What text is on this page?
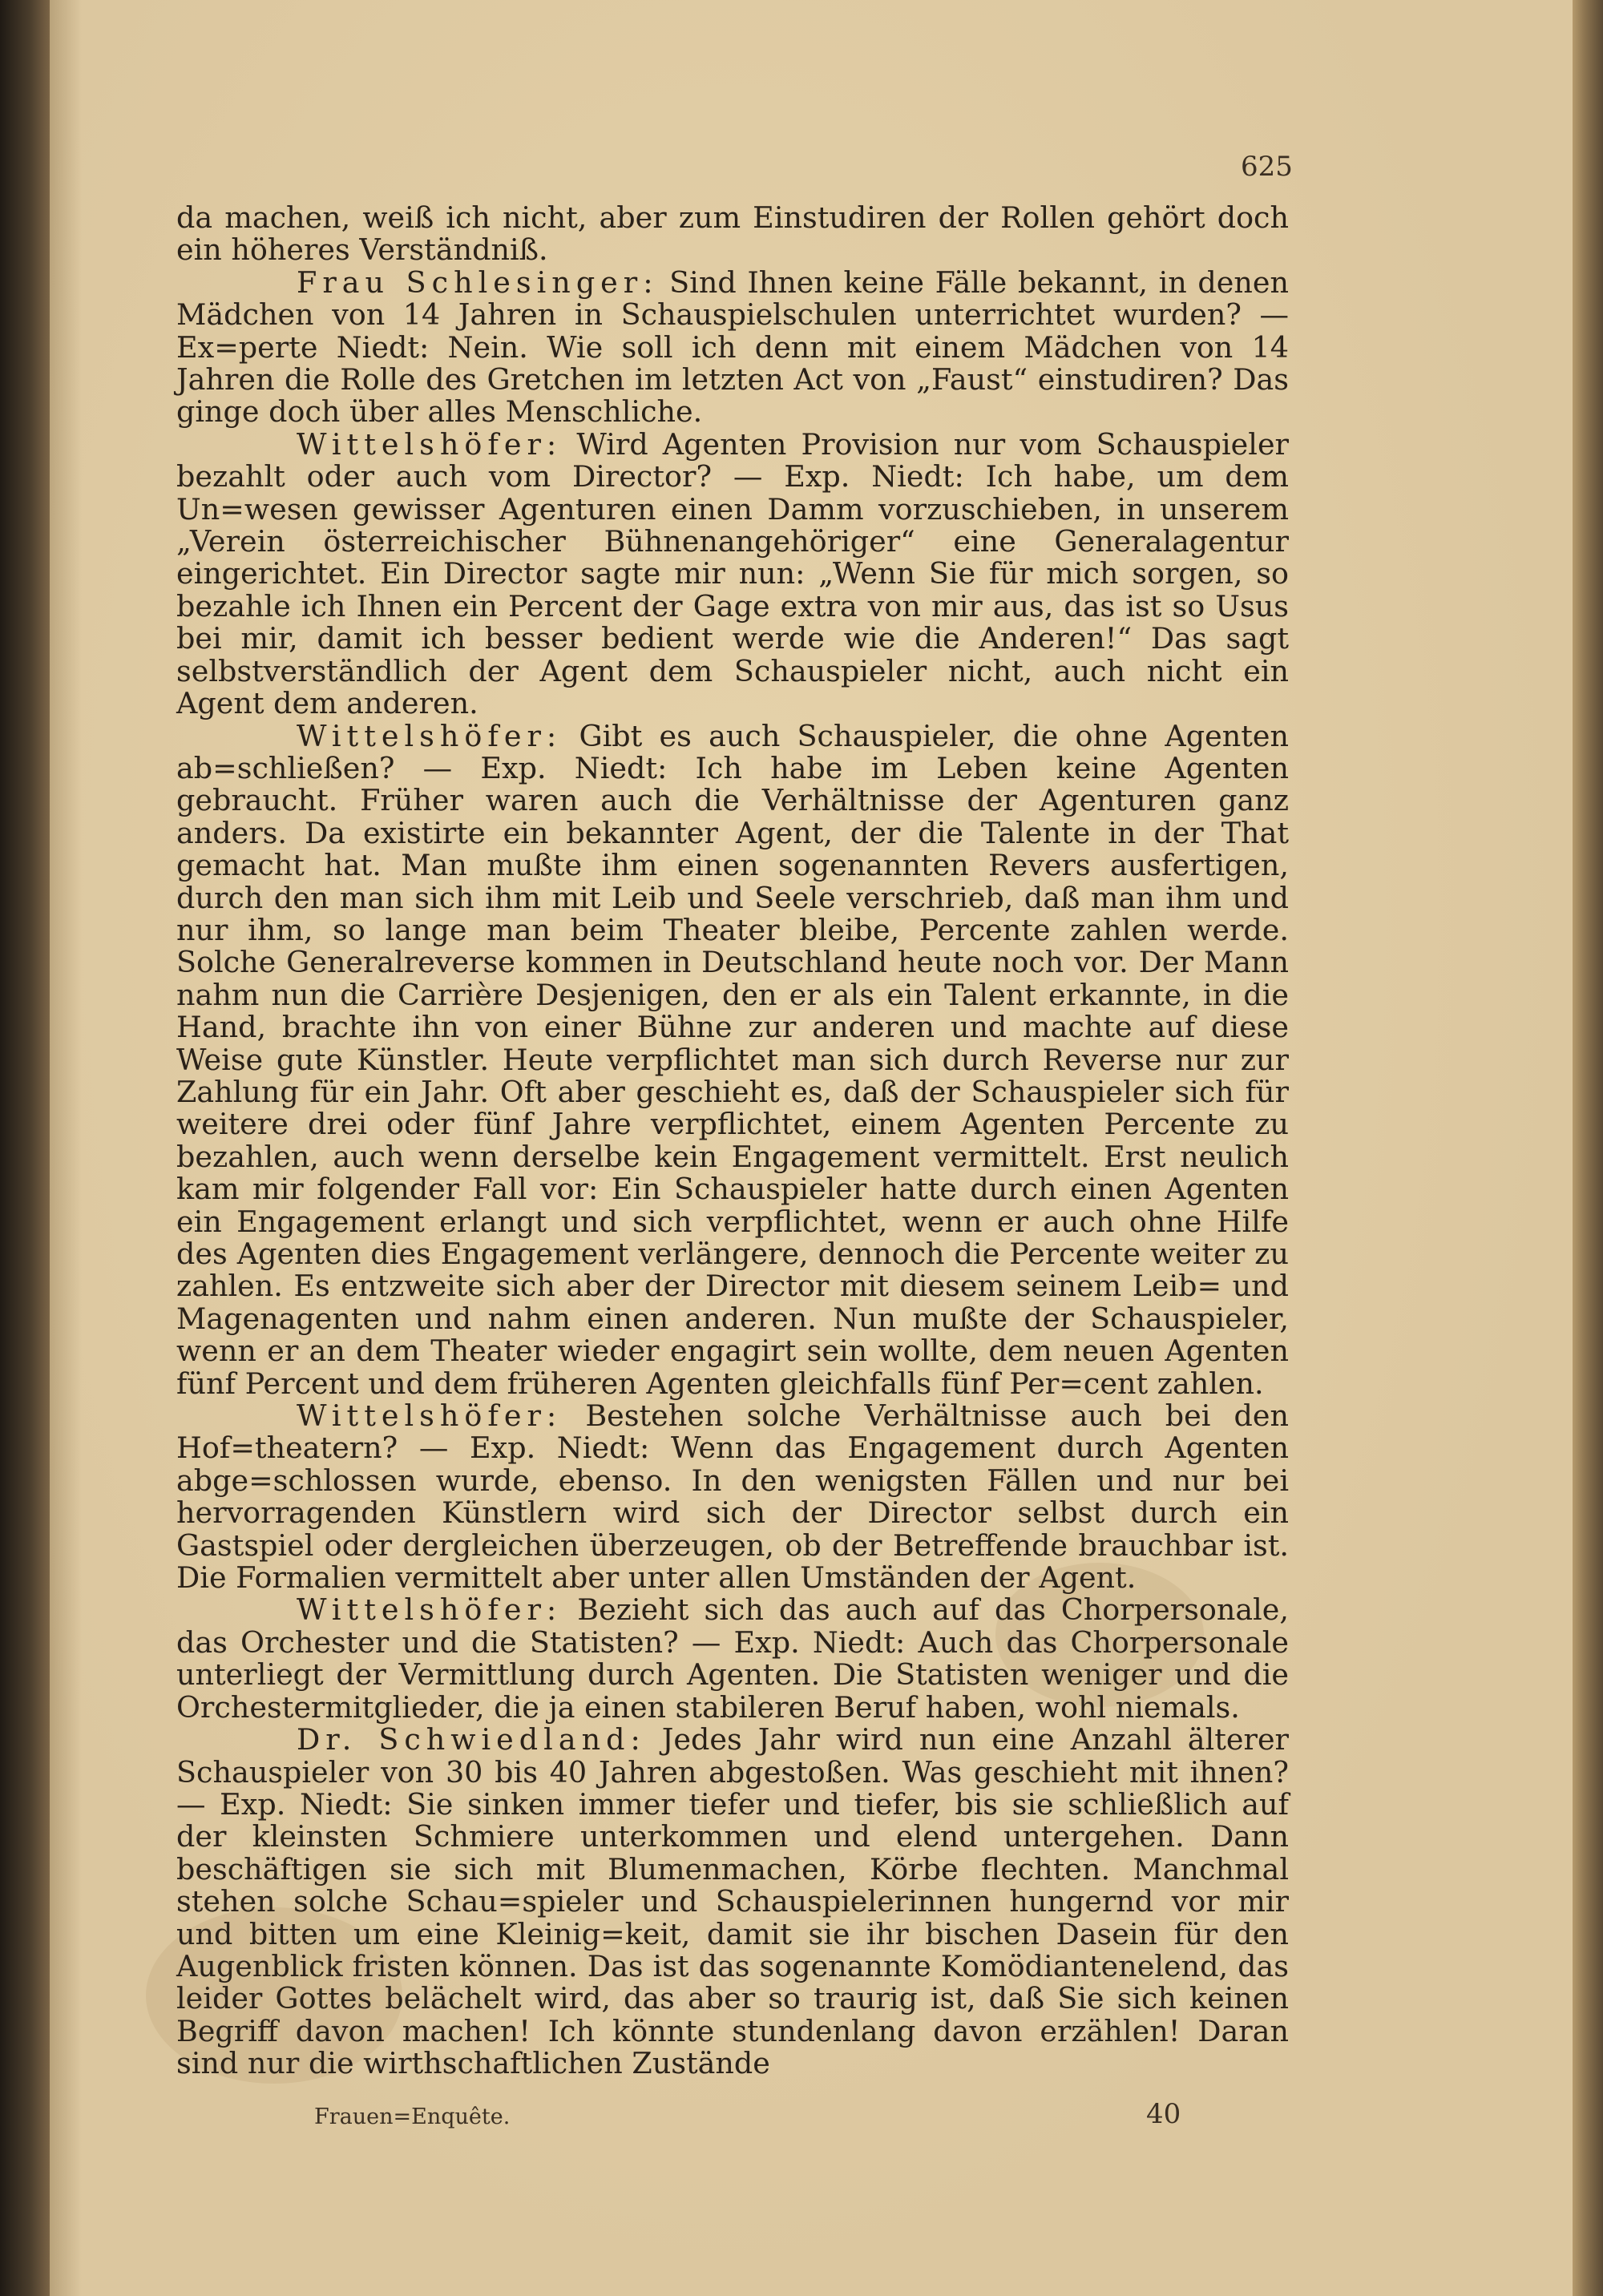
625

da machen, weiß ich nicht, aber zum Einstudiren der Rollen gehört doch ein höheres Verständniß.

Frau Schlesinger: Sind Ihnen keine Fälle bekannt, in denen Mädchen von 14 Jahren in Schauspielschulen unterrichtet wurden? — Ex=perte Niedt: Nein. Wie soll ich denn mit einem Mädchen von 14 Jahren die Rolle des Gretchen im letzten Act von „Faust“ einstudiren? Das ginge doch über alles Menschliche.

Wittelshöfer: Wird Agenten Provision nur vom Schauspieler bezahlt oder auch vom Director? — Exp. Niedt: Ich habe, um dem Un=wesen gewisser Agenturen einen Damm vorzuschieben, in unserem „Verein österreichischer Bühnenangehöriger“ eine Generalagentur eingerichtet. Ein Director sagte mir nun: „Wenn Sie für mich sorgen, so bezahle ich Ihnen ein Percent der Gage extra von mir aus, das ist so Usus bei mir, damit ich besser bedient werde wie die Anderen!“ Das sagt selbstverständlich der Agent dem Schauspieler nicht, auch nicht ein Agent dem anderen.

Wittelshöfer: Gibt es auch Schauspieler, die ohne Agenten ab=schließen? — Exp. Niedt: Ich habe im Leben keine Agenten gebraucht. Früher waren auch die Verhältnisse der Agenturen ganz anders. Da existirte ein bekannter Agent, der die Talente in der That gemacht hat. Man mußte ihm einen sogenannten Revers ausfertigen, durch den man sich ihm mit Leib und Seele verschrieb, daß man ihm und nur ihm, so lange man beim Theater bleibe, Percente zahlen werde. Solche Generalreverse kommen in Deutschland heute noch vor. Der Mann nahm nun die Carrière Desjenigen, den er als ein Talent erkannte, in die Hand, brachte ihn von einer Bühne zur anderen und machte auf diese Weise gute Künstler. Heute verpflichtet man sich durch Reverse nur zur Zahlung für ein Jahr. Oft aber geschieht es, daß der Schauspieler sich für weitere drei oder fünf Jahre verpflichtet, einem Agenten Percente zu bezahlen, auch wenn derselbe kein Engagement vermittelt. Erst neulich kam mir folgender Fall vor: Ein Schauspieler hatte durch einen Agenten ein Engagement erlangt und sich verpflichtet, wenn er auch ohne Hilfe des Agenten dies Engagement verlängere, dennoch die Percente weiter zu zahlen. Es entzweite sich aber der Director mit diesem seinem Leib= und Magenagenten und nahm einen anderen. Nun mußte der Schauspieler, wenn er an dem Theater wieder engagirt sein wollte, dem neuen Agenten fünf Percent und dem früheren Agenten gleichfalls fünf Per=cent zahlen.

Wittelshöfer: Bestehen solche Verhältnisse auch bei den Hof=theatern? — Exp. Niedt: Wenn das Engagement durch Agenten abge=schlossen wurde, ebenso. In den wenigsten Fällen und nur bei hervorragenden Künstlern wird sich der Director selbst durch ein Gastspiel oder dergleichen überzeugen, ob der Betreffende brauchbar ist. Die Formalien vermittelt aber unter allen Umständen der Agent.

Wittelshöfer: Bezieht sich das auch auf das Chorpersonale, das Orchester und die Statisten? — Exp. Niedt: Auch das Chorpersonale unterliegt der Vermittlung durch Agenten. Die Statisten weniger und die Orchestermitglieder, die ja einen stabileren Beruf haben, wohl niemals.

Dr. Schwiedland: Jedes Jahr wird nun eine Anzahl älterer Schauspieler von 30 bis 40 Jahren abgestoßen. Was geschieht mit ihnen? — Exp. Niedt: Sie sinken immer tiefer und tiefer, bis sie schließlich auf der kleinsten Schmiere unterkommen und elend untergehen. Dann beschäftigen sie sich mit Blumenmachen, Körbe flechten. Manchmal stehen solche Schau=spieler und Schauspielerinnen hungernd vor mir und bitten um eine Kleinig=keit, damit sie ihr bischen Dasein für den Augenblick fristen können. Das ist das sogenannte Komödiantenelend, das leider Gottes belächelt wird, das aber so traurig ist, daß Sie sich keinen Begriff davon machen! Ich könnte stundenlang davon erzählen! Daran sind nur die wirthschaftlichen Zustände

Frauen=Enquête.	40
